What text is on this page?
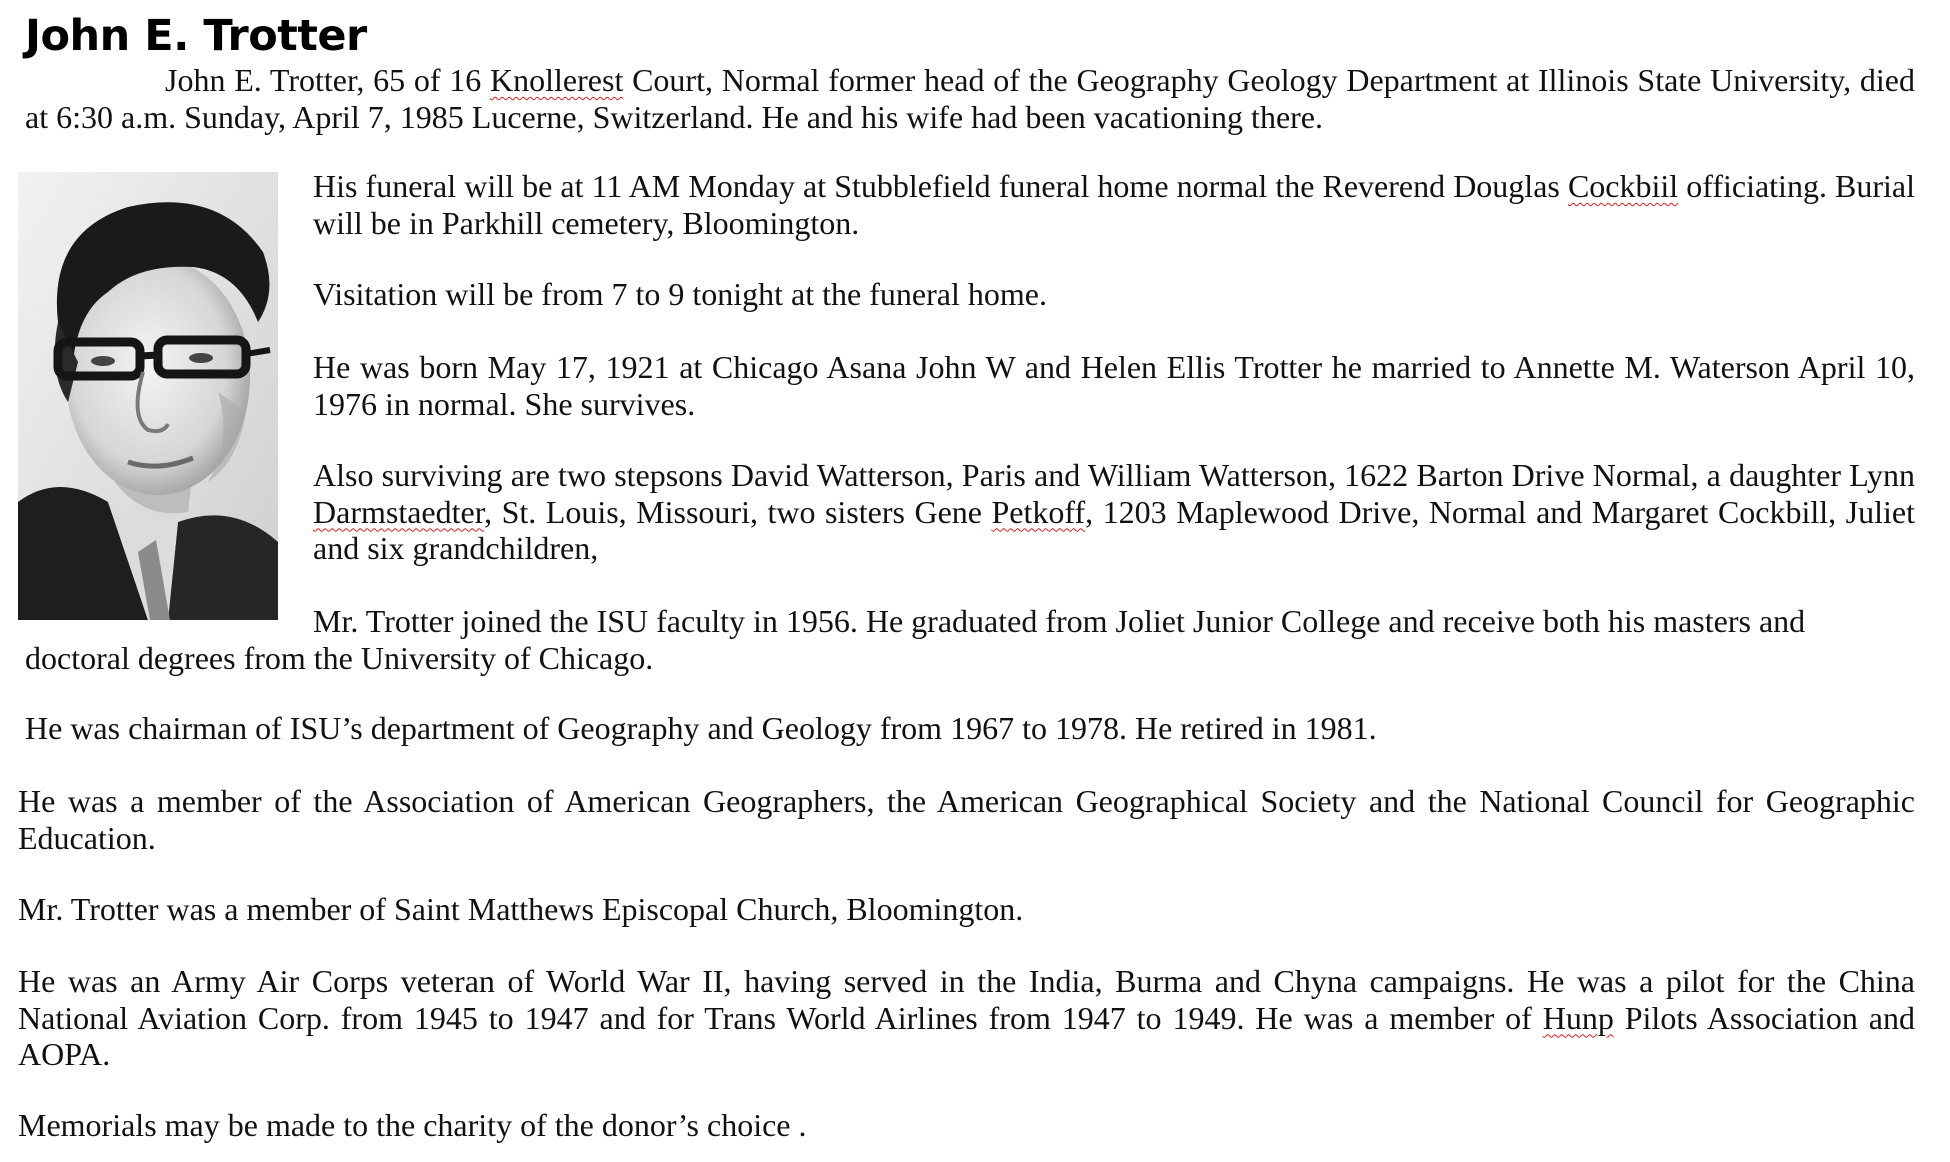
John E. Trotter

John E. Trotter, 65 of 16 Knollerest Court, Normal former head of the Geography Geology Department at Illinois State University, died at 6:30 a.m. Sunday, April 7, 1985 Lucerne, Switzerland. He and his wife had been vacationing there.

His funeral will be at 11 AM Monday at Stubblefield funeral home normal the Reverend Douglas Cockbiil officiating. Burial will be in Parkhill cemetery, Bloomington.

Visitation will be from 7 to 9 tonight at the funeral home.

He was born May 17, 1921 at Chicago Asana John W and Helen Ellis Trotter he married to Annette M. Waterson April 10, 1976 in normal. She survives.

Also surviving are two stepsons David Watterson, Paris and William Watterson, 1622 Barton Drive Normal, a daughter Lynn Darmstaedter, St. Louis, Missouri, two sisters Gene Petkoff, 1203 Maplewood Drive, Normal and Margaret Cockbill, Juliet and six grandchildren,

Mr. Trotter joined the ISU faculty in 1956. He graduated from Joliet Junior College and receive both his masters and doctoral degrees from the University of Chicago.

He was chairman of ISU’s department of Geography and Geology from 1967 to 1978. He retired in 1981.

He was a member of the Association of American Geographers, the American Geographical Society and the National Council for Geographic Education.

Mr. Trotter was a member of Saint Matthews Episcopal Church, Bloomington.

He was an Army Air Corps veteran of World War II, having served in the India, Burma and Chyna campaigns. He was a pilot for the China National Aviation Corp. from 1945 to 1947 and for Trans World Airlines from 1947 to 1949. He was a member of Hunp Pilots Association and AOPA.

Memorials may be made to the charity of the donor’s choice .
